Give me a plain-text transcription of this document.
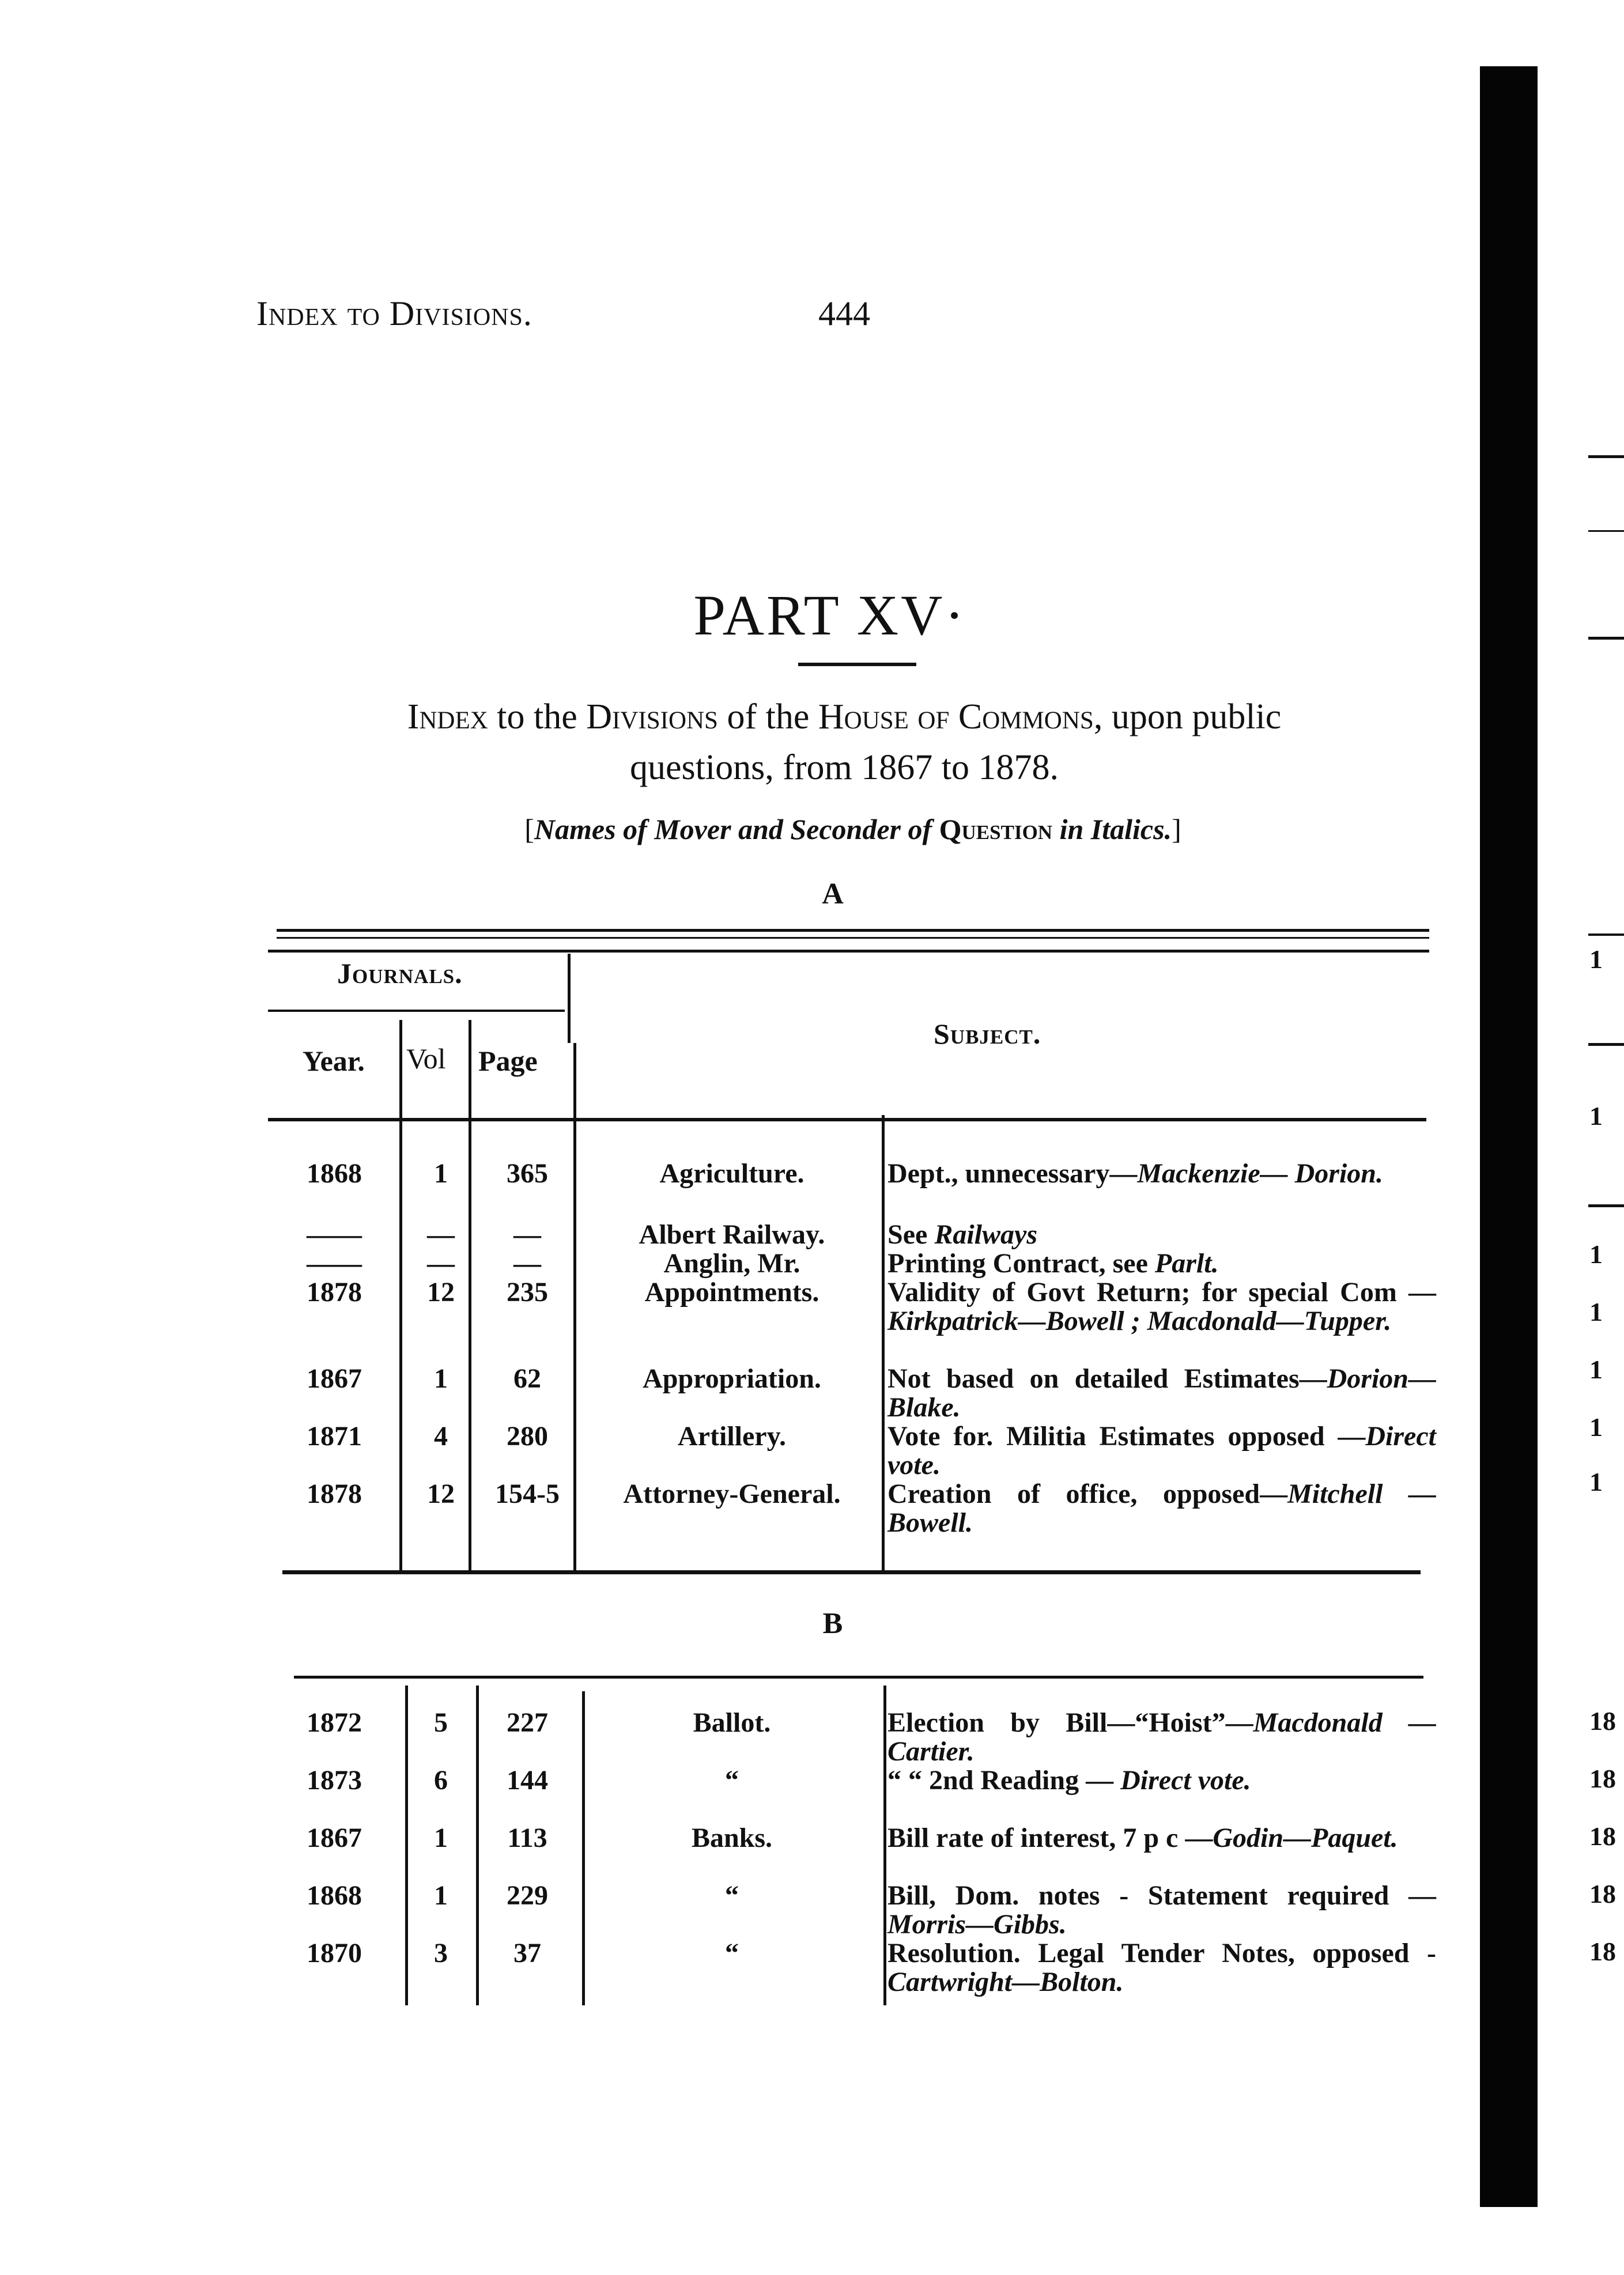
Index to Divisions.	444
PART XV·
Index to the Divisions of the House of Commons, upon public
questions, from 1867 to 1878.
[Names of Mover and Seconder of Question in Italics.]
A
Journals.
Year. Vol Page
Subject.
1868	1	365	Agriculture.	Dept., unnecessary—Mackenzie— Dorion.
——	—	—	Albert Railway.	See Railways
——	—	—	Anglin, Mr.	Printing Contract, see Parlt.
1878	12	235	Appointments.	Validity of Govt Return; for special Com —Kirkpatrick—Bowell ; Macdonald—Tupper.
1867	1	62	Appropriation.	Not based on detailed Estimates—Dorion—Blake.
1871	4	280	Artillery.	Vote for. Militia Estimates opposed —Direct vote.
1878	12	154-5	Attorney-General.	Creation of office, opposed—Mitchell —Bowell.
B
1872	5	227	Ballot.	Election by Bill—“Hoist”—Macdonald —Cartier.
1873	6	144	“	“ “ 2nd Reading — Direct vote.
1867	1	113	Banks.	Bill rate of interest, 7 p c —Godin—Paquet.
1868	1	229	“	Bill, Dom. notes - Statement required —Morris—Gibbs.
1870	3	37	“	Resolution. Legal Tender Notes, opposed - Cartwright—Bolton.
1
1
1
1
1
1
1
18
18
18
18
18
